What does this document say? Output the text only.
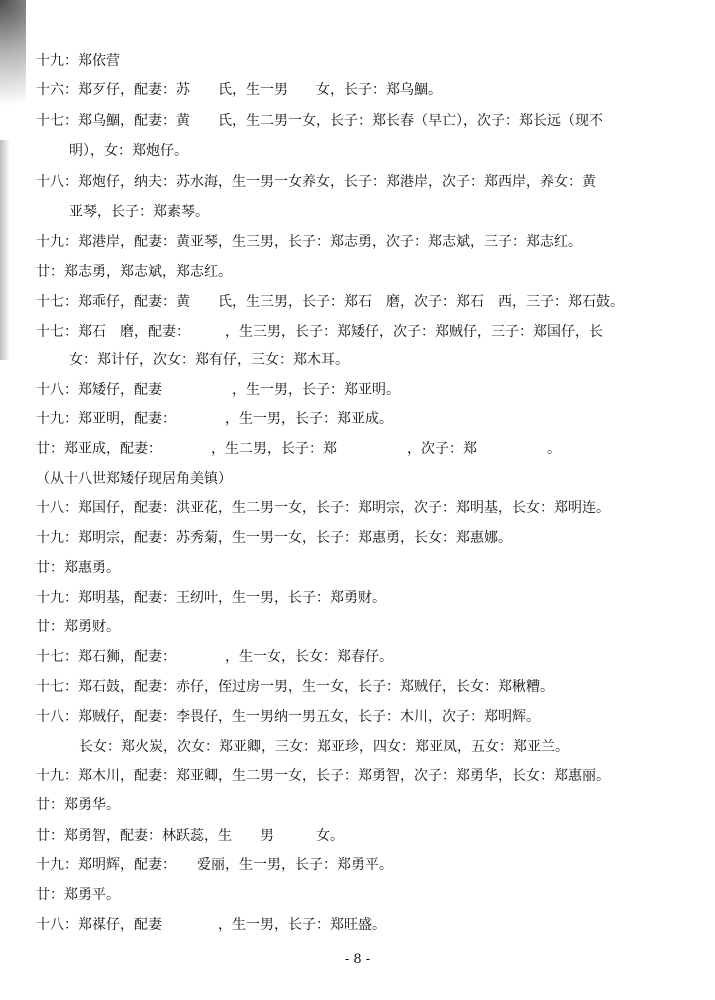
十九：郑依营
十六：郑歹仔，配妻：苏　　氏，生一男　　女，长子：郑乌鯝。
十七：郑乌鯝，配妻：黄　　氏，生二男一女，长子：郑长春（早亡），次子：郑长远（现不
明），女：郑炮仔。
十八：郑炮仔，纳夫：苏水海，生一男一女养女，长子：郑港岸，次子：郑西岸，养女：黄
亚琴，长子：郑素琴。
十九：郑港岸，配妻：黄亚琴，生三男，长子：郑志勇，次子：郑志斌，三子：郑志红。
廿：郑志勇，郑志斌，郑志红。
十七：郑乖仔，配妻：黄　　氏，生三男，长子：郑石　磨，次子：郑石　西，三子：郑石鼓。
十七：郑石　磨，配妻：　　　，生三男，长子：郑矮仔，次子：郑贼仔，三子：郑国仔，长
女：郑计仔，次女：郑有仔，三女：郑木耳。
十八：郑矮仔，配妻　　　　　，生一男，长子：郑亚明。
十九：郑亚明，配妻：　　　　，生一男，长子：郑亚成。
廿：郑亚成，配妻：　　　　，生二男，长子：郑　　　　　，次子：郑　　　　　。
（从十八世郑矮仔现居角美镇）
十八：郑国仔，配妻：洪亚花，生二男一女，长子：郑明宗，次子：郑明基，长女：郑明连。
十九：郑明宗，配妻：苏秀菊，生一男一女，长子：郑惠勇，长女：郑惠娜。
廿：郑惠勇。
十九：郑明基，配妻：王纫叶，生一男，长子：郑勇财。
廿：郑勇财。
十七：郑石狮，配妻：　　　　，生一女，长女：郑春仔。
十七：郑石鼓，配妻：赤仔，侄过房一男，生一女，长子：郑贼仔，长女：郑楸糟。
十八：郑贼仔，配妻：李畏仔，生一男纳一男五女，长子：木川，次子：郑明辉。
长女：郑火炭，次女：郑亚卿，三女：郑亚珍，四女：郑亚凤，五女：郑亚兰。
十九：郑木川，配妻：郑亚卿，生二男一女，长子：郑勇智，次子：郑勇华，长女：郑惠丽。
廿：郑勇华。
廿：郑勇智，配妻：林跃蕊，生　　男　　　女。
十九：郑明辉，配妻：　　爱丽，生一男，长子：郑勇平。
廿：郑勇平。
十八：郑禖仔，配妻　　　　，生一男，长子：郑旺盛。
- 8 -
